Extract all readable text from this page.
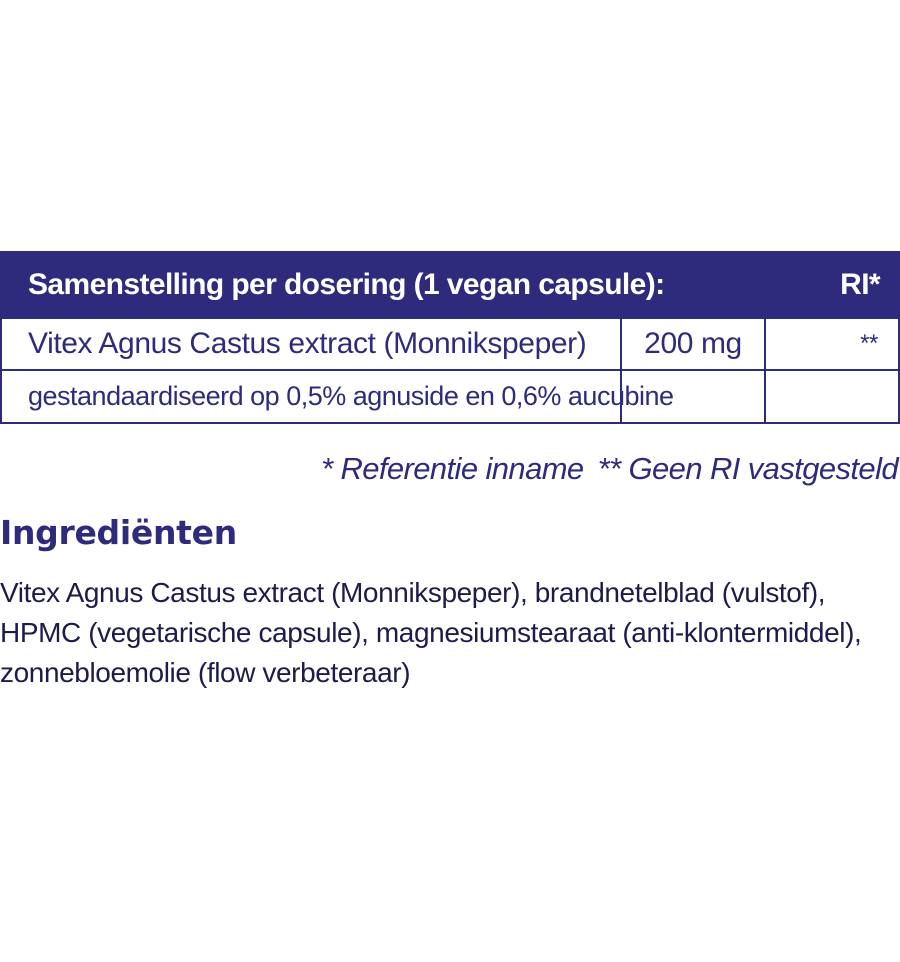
Samenstelling per dosering (1 vegan capsule):		RI*
Vitex Agnus Castus extract (Monnikspeper)	200 mg	**
gestandaardiseerd op 0,5% agnuside en 0,6% aucubine		
* Referentie inname ** Geen RI vastgesteld
Ingrediënten

Vitex Agnus Castus extract (Monnikspeper), brandnetelblad (vulstof), HPMC (vegetarische capsule), magnesiumstearaat (anti-klontermiddel), zonnebloemolie (flow verbeteraar)
